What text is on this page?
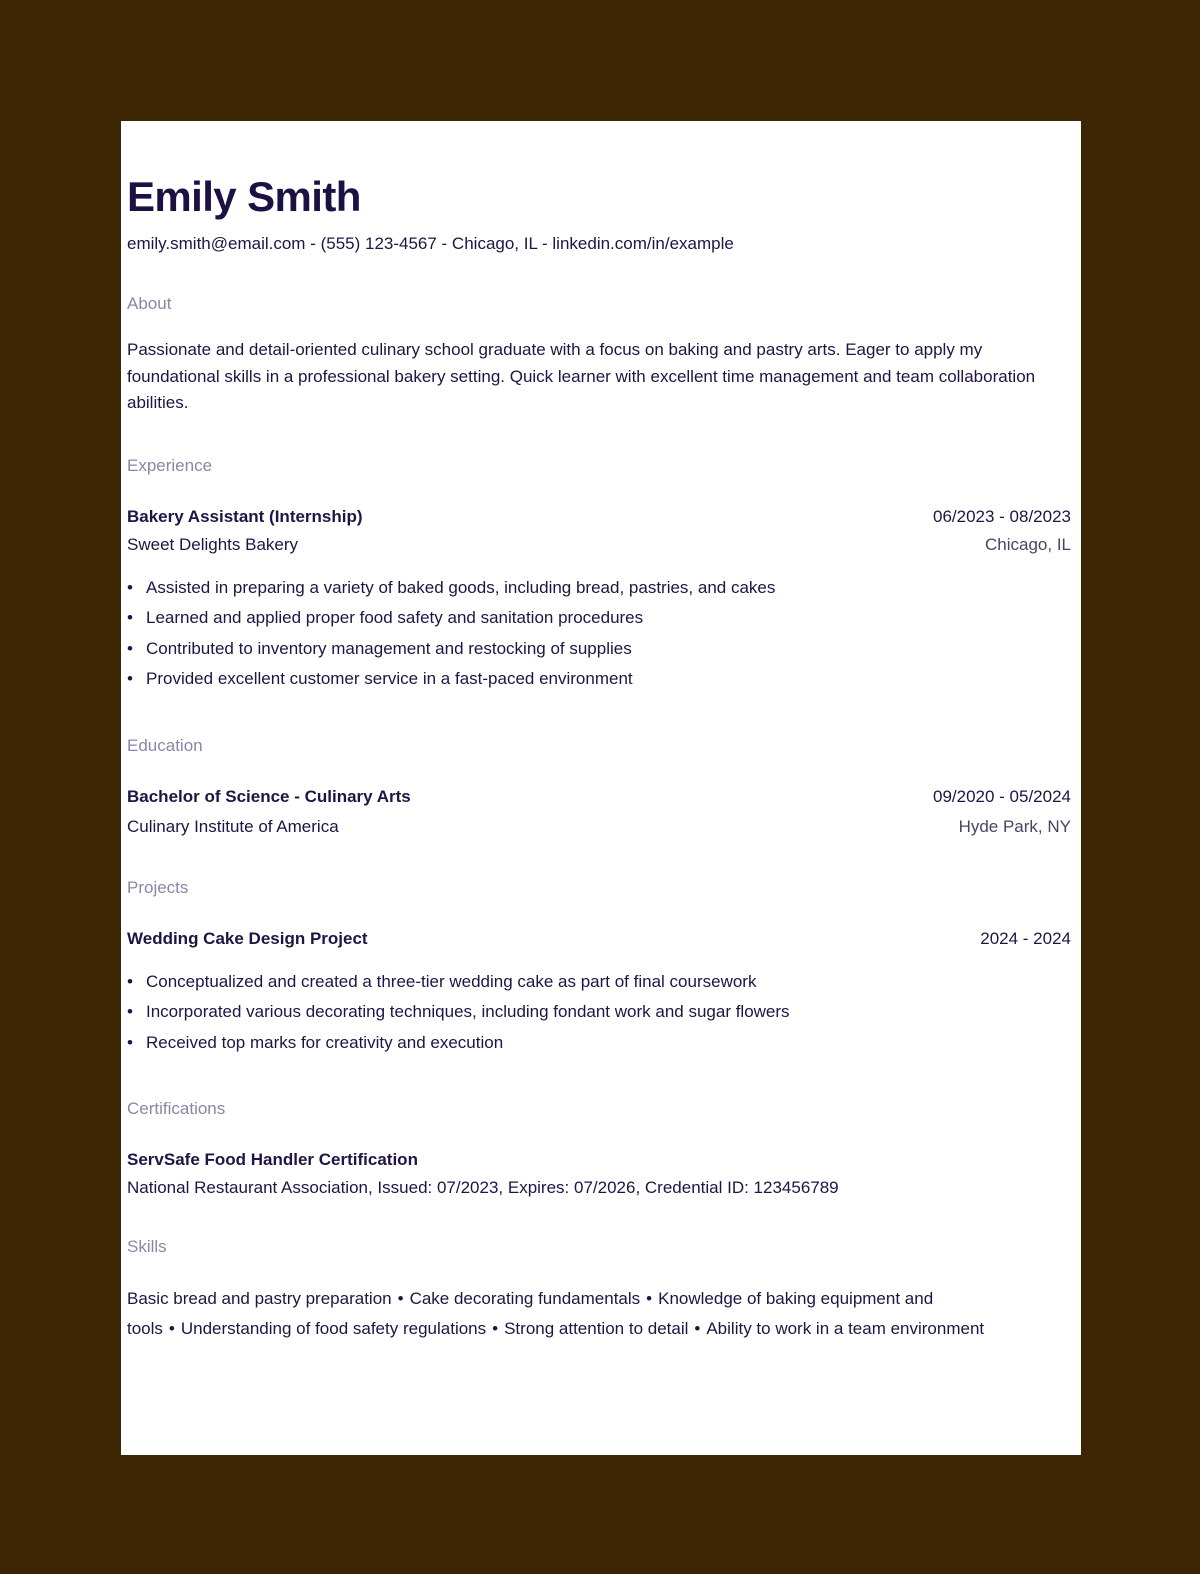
Emily Smith
emily.smith@email.com - (555) 123-4567 - Chicago, IL - linkedin.com/in/example
About
Passionate and detail-oriented culinary school graduate with a focus on baking and pastry arts. Eager to apply my foundational skills in a professional bakery setting. Quick learner with excellent time management and team collaboration abilities.
Experience
Bakery Assistant (Internship)	06/2023 - 08/2023
Sweet Delights Bakery	Chicago, IL
• Assisted in preparing a variety of baked goods, including bread, pastries, and cakes
• Learned and applied proper food safety and sanitation procedures
• Contributed to inventory management and restocking of supplies
• Provided excellent customer service in a fast-paced environment
Education
Bachelor of Science - Culinary Arts	09/2020 - 05/2024
Culinary Institute of America	Hyde Park, NY
Projects
Wedding Cake Design Project	2024 - 2024
• Conceptualized and created a three-tier wedding cake as part of final coursework
• Incorporated various decorating techniques, including fondant work and sugar flowers
• Received top marks for creativity and execution
Certifications
ServSafe Food Handler Certification
National Restaurant Association, Issued: 07/2023, Expires: 07/2026, Credential ID: 123456789
Skills
Basic bread and pastry preparation • Cake decorating fundamentals • Knowledge of baking equipment and tools • Understanding of food safety regulations • Strong attention to detail • Ability to work in a team environment
